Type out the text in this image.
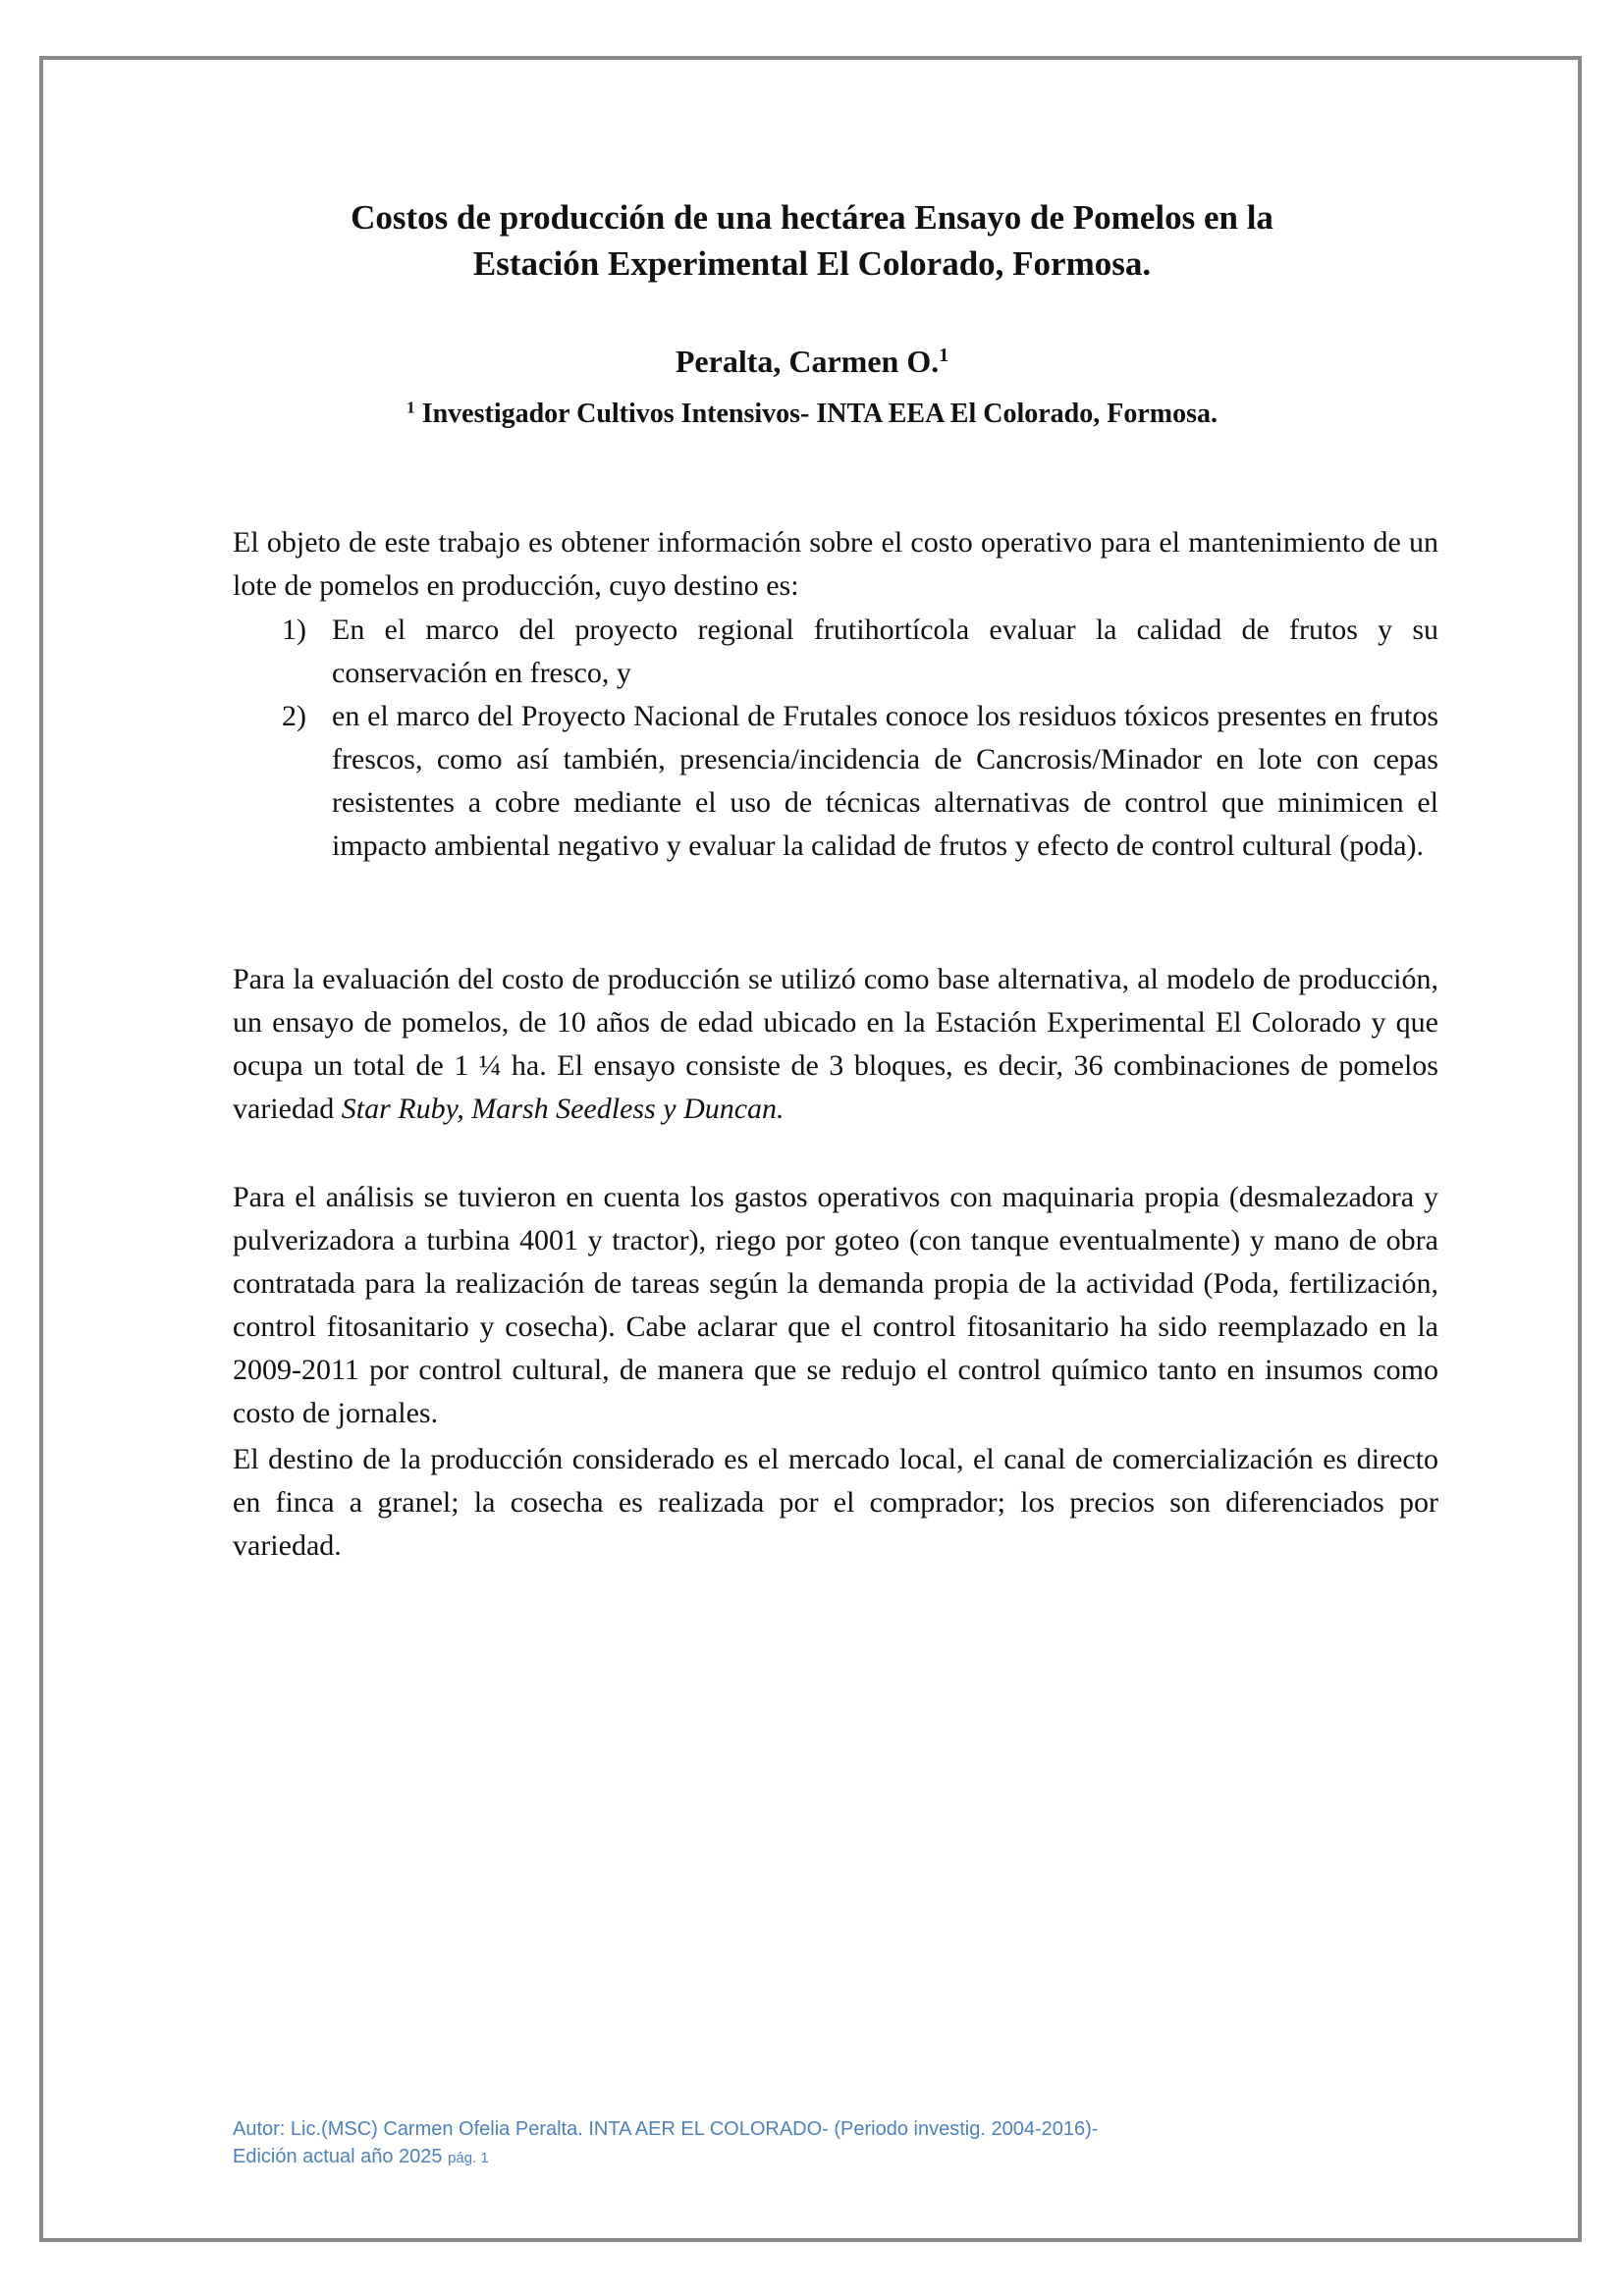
Costos de producción de una hectárea Ensayo de Pomelos en la
Estación Experimental El Colorado, Formosa.

Peralta, Carmen O.$^1$

$^1$ Investigador Cultivos Intensivos- INTA EEA El Colorado, Formosa.

El objeto de este trabajo es obtener información sobre el costo operativo para el mantenimiento de un lote de pomelos en producción, cuyo destino es:

1) En el marco del proyecto regional frutihortícola evaluar la calidad de frutos y su conservación en fresco, y
2) en el marco del Proyecto Nacional de Frutales conoce los residuos tóxicos presentes en frutos frescos, como así también, presencia/incidencia de Cancrosis/Minador en lote con cepas resistentes a cobre mediante el uso de técnicas alternativas de control que minimicen el impacto ambiental negativo y evaluar la calidad de frutos y efecto de control cultural (poda).

Para la evaluación del costo de producción se utilizó como base alternativa, al modelo de producción, un ensayo de pomelos, de 10 años de edad ubicado en la Estación Experimental El Colorado y que ocupa un total de 1 ¼ ha. El ensayo consiste de 3 bloques, es decir, 36 combinaciones de pomelos variedad Star Ruby, Marsh Seedless y Duncan.

Para el análisis se tuvieron en cuenta los gastos operativos con maquinaria propia (desmalezadora y pulverizadora a turbina 4001 y tractor), riego por goteo (con tanque eventualmente) y mano de obra contratada para la realización de tareas según la demanda propia de la actividad (Poda, fertilización, control fitosanitario y cosecha). Cabe aclarar que el control fitosanitario ha sido reemplazado en la 2009-2011 por control cultural, de manera que se redujo el control químico tanto en insumos como costo de jornales.

El destino de la producción considerado es el mercado local, el canal de comercialización es directo en finca a granel; la cosecha es realizada por el comprador; los precios son diferenciados por variedad.

Autor: Lic.(MSC) Carmen Ofelia Peralta. INTA AER EL COLORADO- (Periodo investig. 2004-2016)-
Edición actual año 2025 pág. 1
